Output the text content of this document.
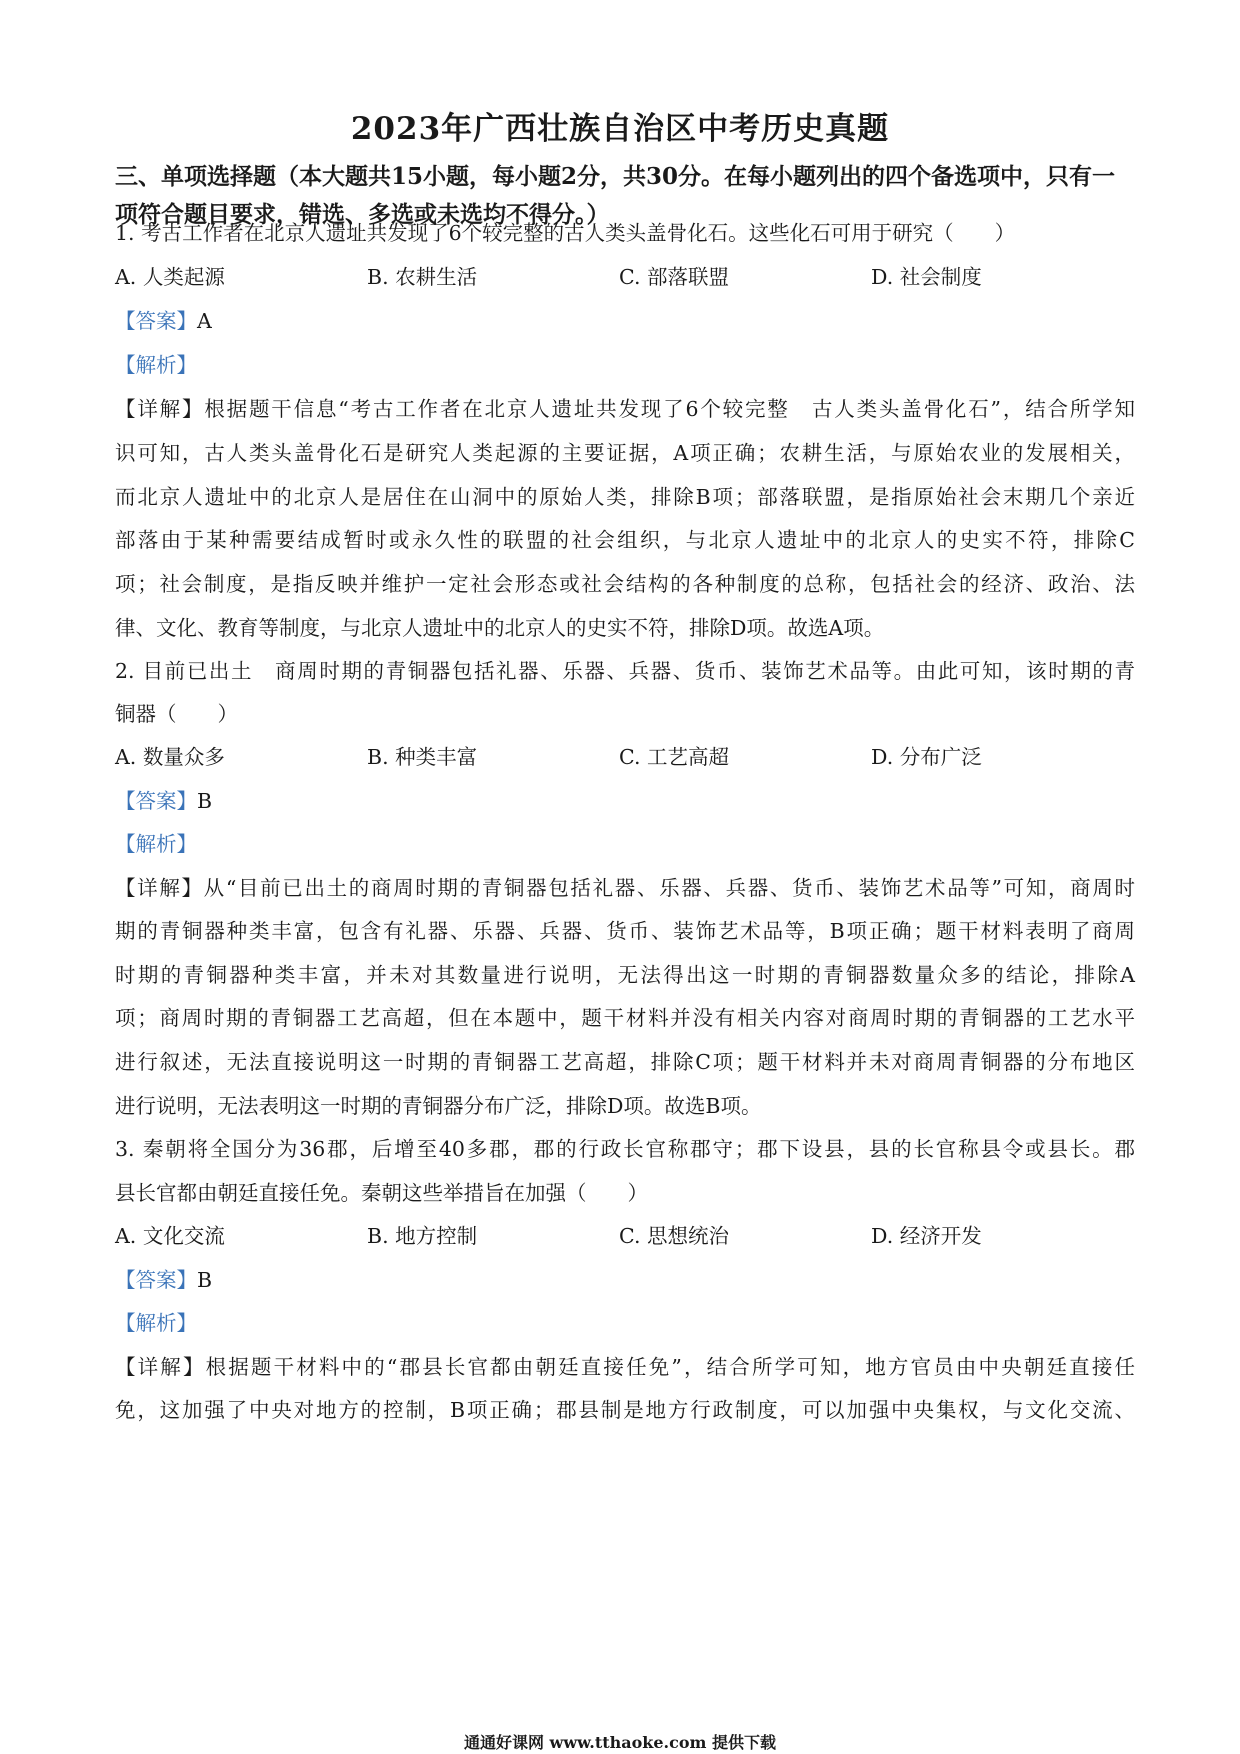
2023年广西壮族自治区中考历史真题
三、单项选择题（本大题共15小题，每小题2分，共30分。在每小题列出的四个备选项中，只有一项符合题目要求，错选、多选或未选均不得分。）
1. 考古工作者在北京人遗址共发现了6个较完整的古人类头盖骨化石。这些化石可用于研究（　　）
A. 人类起源	B. 农耕生活	C. 部落联盟	D. 社会制度
【答案】A
【解析】
【详解】根据题干信息“考古工作者在北京人遗址共发现了6个较完整　古人类头盖骨化石”，结合所学知
识可知，古人类头盖骨化石是研究人类起源的主要证据，A项正确；农耕生活，与原始农业的发展相关，
而北京人遗址中的北京人是居住在山洞中的原始人类，排除B项；部落联盟，是指原始社会末期几个亲近
部落由于某种需要结成暂时或永久性的联盟的社会组织，与北京人遗址中的北京人的史实不符，排除C
项；社会制度，是指反映并维护一定社会形态或社会结构的各种制度的总称，包括社会的经济、政治、法
律、文化、教育等制度，与北京人遗址中的北京人的史实不符，排除D项。故选A项。
2. 目前已出土　商周时期的青铜器包括礼器、乐器、兵器、货币、装饰艺术品等。由此可知，该时期的青
铜器（　　）
A. 数量众多	B. 种类丰富	C. 工艺高超	D. 分布广泛
【答案】B
【解析】
【详解】从“目前已出土的商周时期的青铜器包括礼器、乐器、兵器、货币、装饰艺术品等”可知，商周时
期的青铜器种类丰富，包含有礼器、乐器、兵器、货币、装饰艺术品等，B项正确；题干材料表明了商周
时期的青铜器种类丰富，并未对其数量进行说明，无法得出这一时期的青铜器数量众多的结论，排除A
项；商周时期的青铜器工艺高超，但在本题中，题干材料并没有相关内容对商周时期的青铜器的工艺水平
进行叙述，无法直接说明这一时期的青铜器工艺高超，排除C项；题干材料并未对商周青铜器的分布地区
进行说明，无法表明这一时期的青铜器分布广泛，排除D项。故选B项。
3. 秦朝将全国分为36郡，后增至40多郡，郡的行政长官称郡守；郡下设县，县的长官称县令或县长。郡
县长官都由朝廷直接任免。秦朝这些举措旨在加强（　　）
A. 文化交流	B. 地方控制	C. 思想统治	D. 经济开发
【答案】B
【解析】
【详解】根据题干材料中的“郡县长官都由朝廷直接任免”，结合所学可知，地方官员由中央朝廷直接任
免，这加强了中央对地方的控制，B项正确；郡县制是地方行政制度，可以加强中央集权，与文化交流、
通通好课网 www.tthaoke.com 提供下载
